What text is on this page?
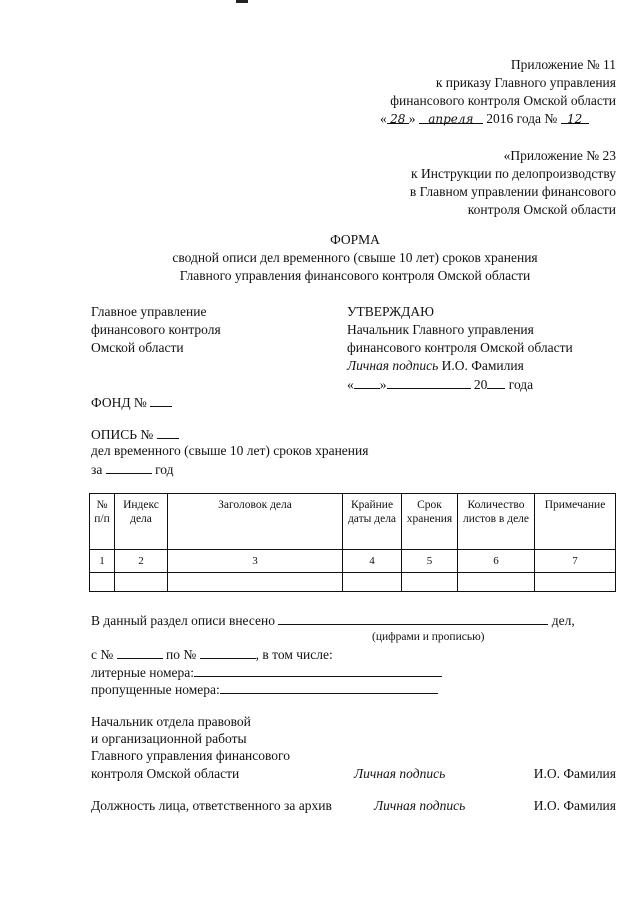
Приложение № 11
к приказу Главного управления
финансового контроля Омской области
« 28 » апреля 2016 года № 12
«Приложение № 23
к Инструкции по делопроизводству
в Главном управлении финансового
контроля Омской области
ФОРМА
сводной описи дел временного (свыше 10 лет) сроков хранения
Главного управления финансового контроля Омской области
Главное управление
финансового контроля
Омской области
УТВЕРЖДАЮ
Начальник Главного управления
финансового контроля Омской области
Личная подпись И.О. Фамилия
« »	20 года
ФОНД №
ОПИСЬ №
дел временного (свыше 10 лет) сроков хранения
за	год
№ п/п	Индекс дела	Заголовок дела	Крайние даты дела	Срок хранения	Количество листов в деле	Примечание
1	2	3	4	5	6	7

В данный раздел описи внесено	дел,
(цифрами и прописью)
с №	по №	, в том числе:
литерные номера:
пропущенные номера:
Начальник отдела правовой
и организационной работы
Главного управления финансового
контроля Омской области	Личная подпись	И.О. Фамилия
Должность лица, ответственного за архив	Личная подпись	И.О. Фамилия
